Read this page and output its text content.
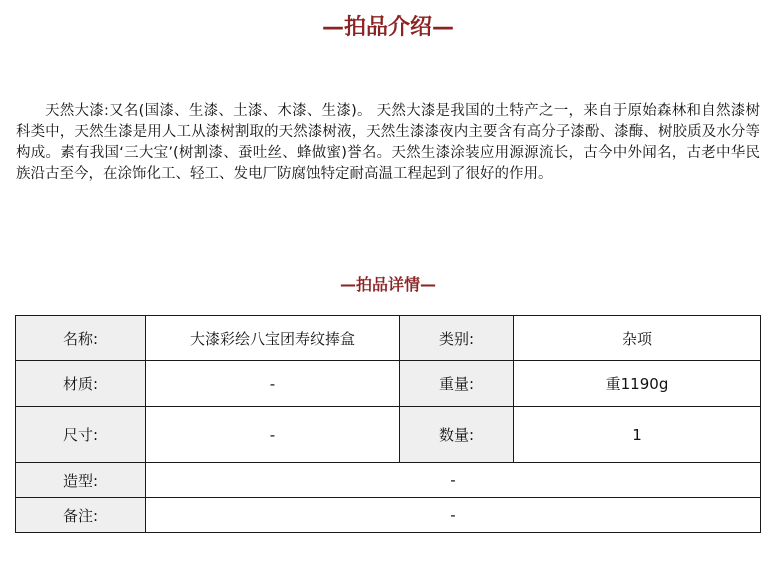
—拍品介绍—

天然大漆:又名(国漆、生漆、土漆、木漆、生漆)。 天然大漆是我国的土特产之一，来自于原始森林和自然漆树科类中，天然生漆是用人工从漆树割取的天然漆树液，天然生漆漆夜内主要含有高分子漆酚、漆酶、树胶质及水分等构成。素有我国‘三大宝’(树割漆、蚕吐丝、蜂做蜜)誉名。天然生漆涂装应用源源流长，古今中外闻名，古老中华民族沿古至今，在涂饰化工、轻工、发电厂防腐蚀特定耐高温工程起到了很好的作用。

—拍品详情—
名称:	大漆彩绘八宝团寿纹捧盒	类别:	杂项
材质:	-	重量:	重1190g
尺寸:	-	数量:	1
造型:	-		
备注:	-		
